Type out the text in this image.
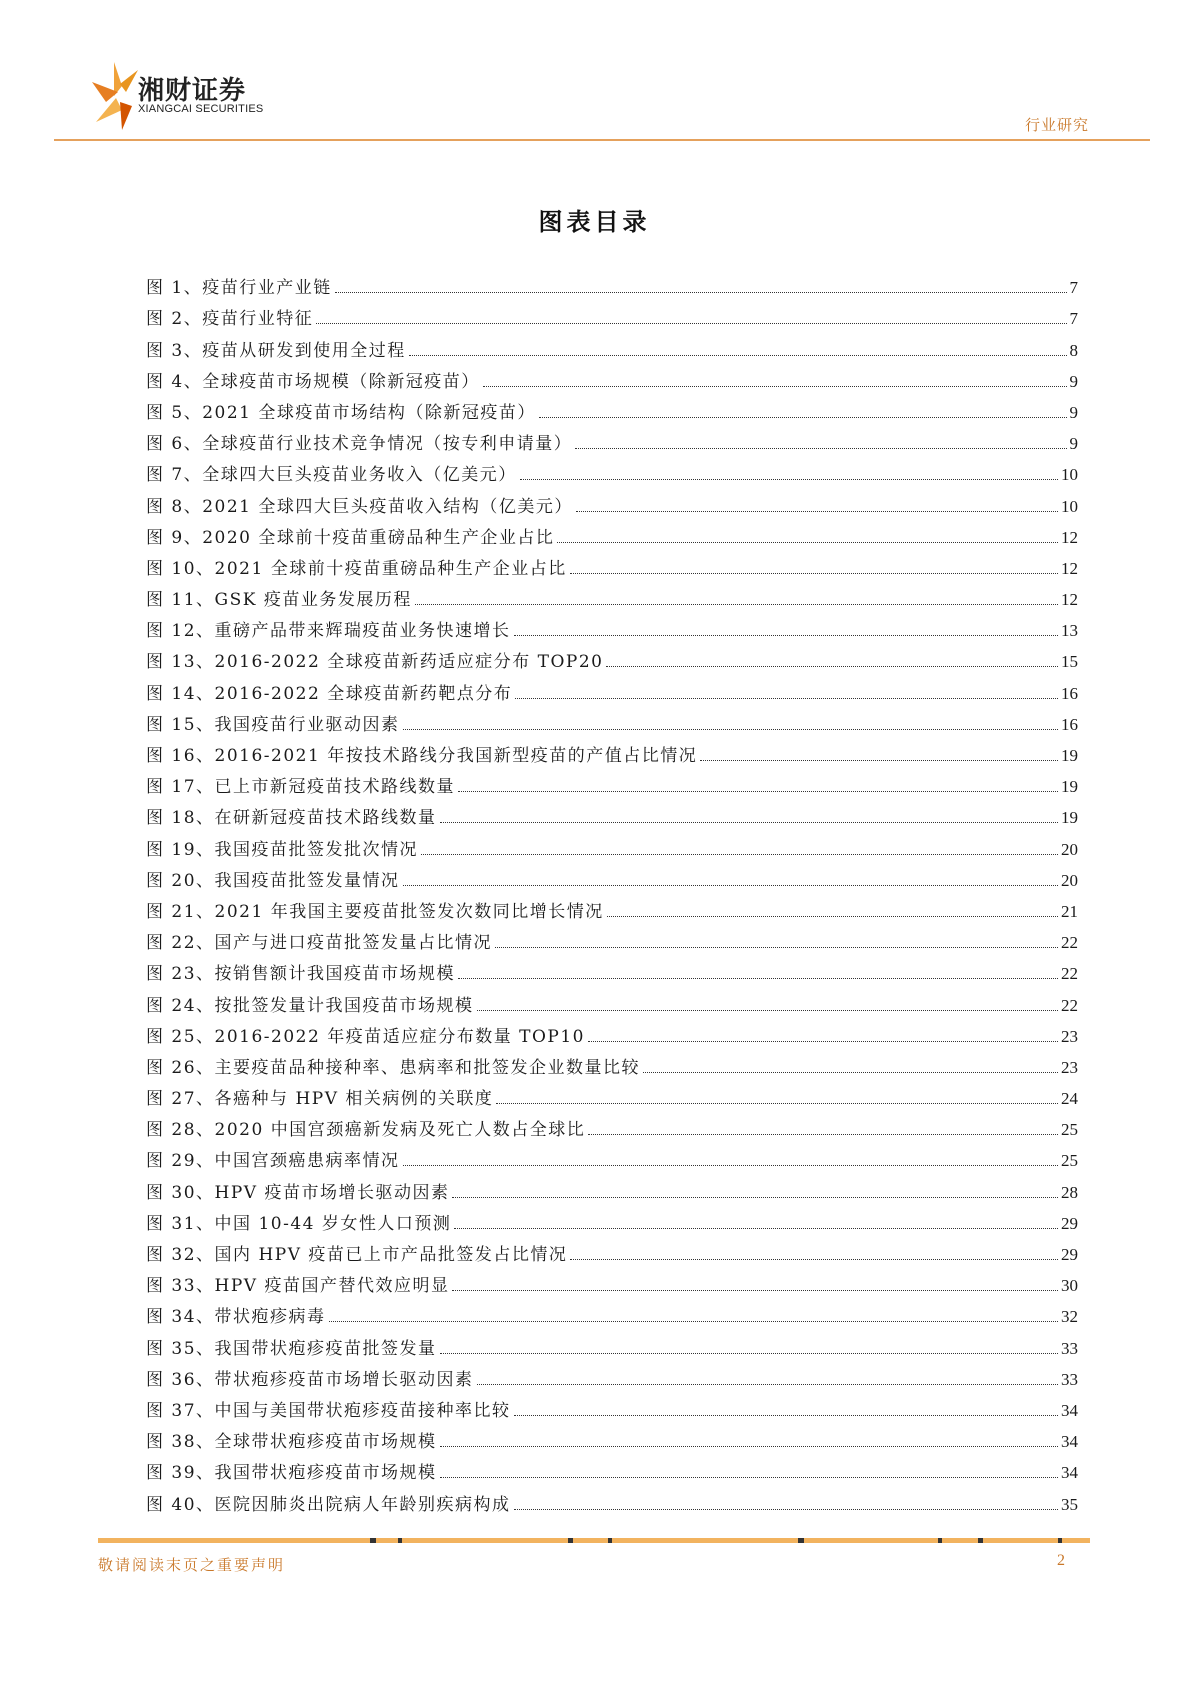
湘财证券
XIANGCAI SECURITIES
行业研究
图表目录
图 1、疫苗行业产业链	7
图 2、疫苗行业特征	7
图 3、疫苗从研发到使用全过程	8
图 4、全球疫苗市场规模（除新冠疫苗）	9
图 5、2021 全球疫苗市场结构（除新冠疫苗）	9
图 6、全球疫苗行业技术竞争情况（按专利申请量）	9
图 7、全球四大巨头疫苗业务收入（亿美元）	10
图 8、2021 全球四大巨头疫苗收入结构（亿美元）	10
图 9、2020 全球前十疫苗重磅品种生产企业占比	12
图 10、2021 全球前十疫苗重磅品种生产企业占比	12
图 11、GSK 疫苗业务发展历程	12
图 12、重磅产品带来辉瑞疫苗业务快速增长	13
图 13、2016-2022 全球疫苗新药适应症分布 TOP20	15
图 14、2016-2022 全球疫苗新药靶点分布	16
图 15、我国疫苗行业驱动因素	16
图 16、2016-2021 年按技术路线分我国新型疫苗的产值占比情况	19
图 17、已上市新冠疫苗技术路线数量	19
图 18、在研新冠疫苗技术路线数量	19
图 19、我国疫苗批签发批次情况	20
图 20、我国疫苗批签发量情况	20
图 21、2021 年我国主要疫苗批签发次数同比增长情况	21
图 22、国产与进口疫苗批签发量占比情况	22
图 23、按销售额计我国疫苗市场规模	22
图 24、按批签发量计我国疫苗市场规模	22
图 25、2016-2022 年疫苗适应症分布数量 TOP10	23
图 26、主要疫苗品种接种率、患病率和批签发企业数量比较	23
图 27、各癌种与 HPV 相关病例的关联度	24
图 28、2020 中国宫颈癌新发病及死亡人数占全球比	25
图 29、中国宫颈癌患病率情况	25
图 30、HPV 疫苗市场增长驱动因素	28
图 31、中国 10-44 岁女性人口预测	29
图 32、国内 HPV 疫苗已上市产品批签发占比情况	29
图 33、HPV 疫苗国产替代效应明显	30
图 34、带状疱疹病毒	32
图 35、我国带状疱疹疫苗批签发量	33
图 36、带状疱疹疫苗市场增长驱动因素	33
图 37、中国与美国带状疱疹疫苗接种率比较	34
图 38、全球带状疱疹疫苗市场规模	34
图 39、我国带状疱疹疫苗市场规模	34
图 40、医院因肺炎出院病人年龄别疾病构成	35
敬请阅读末页之重要声明	2
